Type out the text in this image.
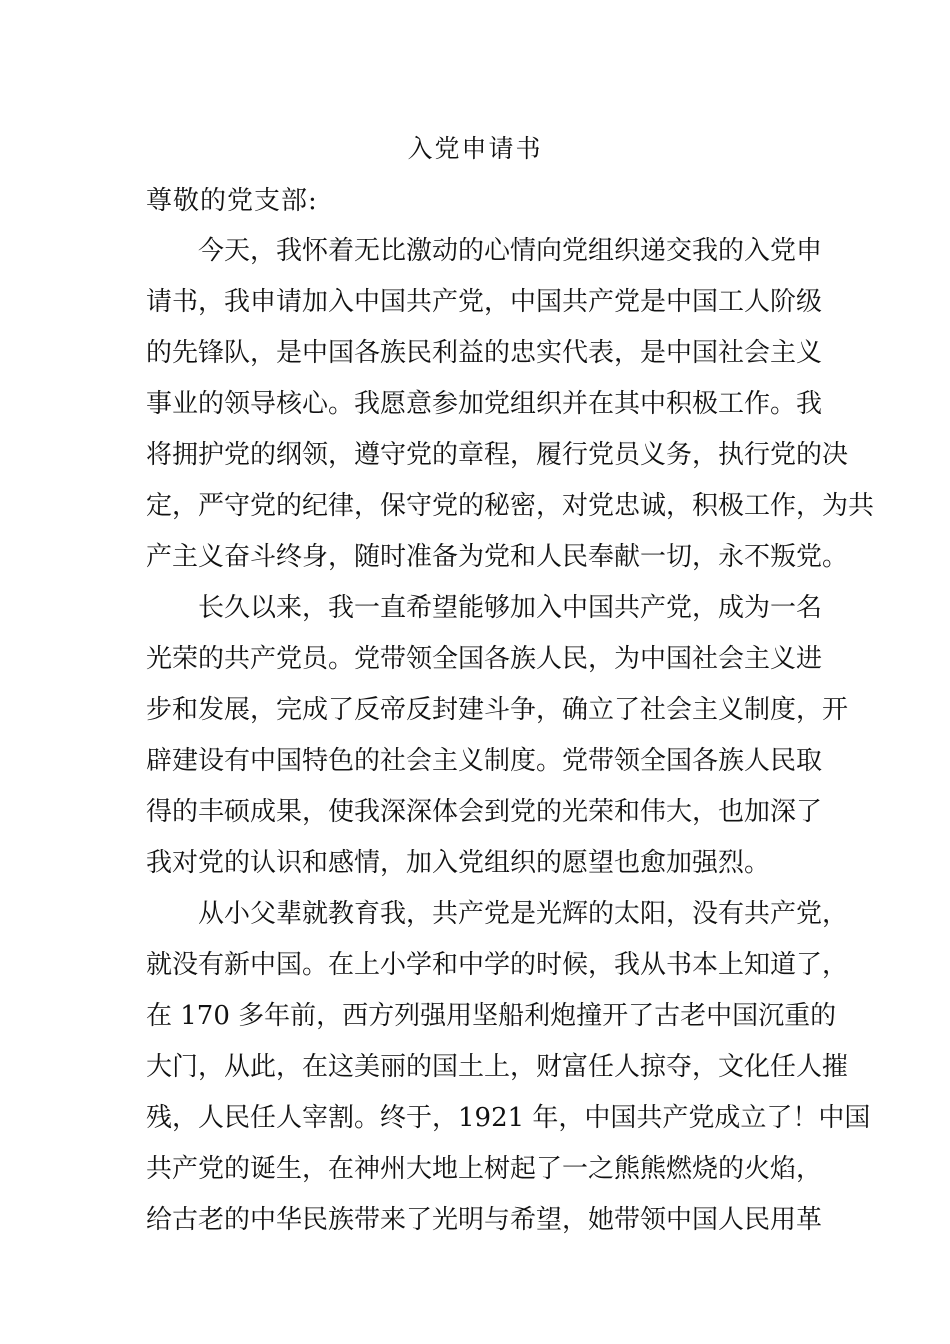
入党申请书
尊敬的党支部:
今天，我怀着无比激动的心情向党组织递交我的入党申
请书，我申请加入中国共产党，中国共产党是中国工人阶级
的先锋队，是中国各族民利益的忠实代表，是中国社会主义
事业的领导核心。我愿意参加党组织并在其中积极工作。我
将拥护党的纲领，遵守党的章程，履行党员义务，执行党的决
定，严守党的纪律，保守党的秘密，对党忠诚，积极工作，为共
产主义奋斗终身，随时准备为党和人民奉献一切，永不叛党。
长久以来，我一直希望能够加入中国共产党，成为一名
光荣的共产党员。党带领全国各族人民，为中国社会主义进
步和发展，完成了反帝反封建斗争，确立了社会主义制度，开
辟建设有中国特色的社会主义制度。党带领全国各族人民取
得的丰硕成果，使我深深体会到党的光荣和伟大，也加深了
我对党的认识和感情，加入党组织的愿望也愈加强烈。
从小父辈就教育我，共产党是光辉的太阳，没有共产党，
就没有新中国。在上小学和中学的时候，我从书本上知道了，
在 170 多年前，西方列强用坚船利炮撞开了古老中国沉重的
大门，从此，在这美丽的国土上，财富任人掠夺，文化任人摧
残，人民任人宰割。终于，1921 年，中国共产党成立了！中国
共产党的诞生，在神州大地上树起了一之熊熊燃烧的火焰，
给古老的中华民族带来了光明与希望，她带领中国人民用革
